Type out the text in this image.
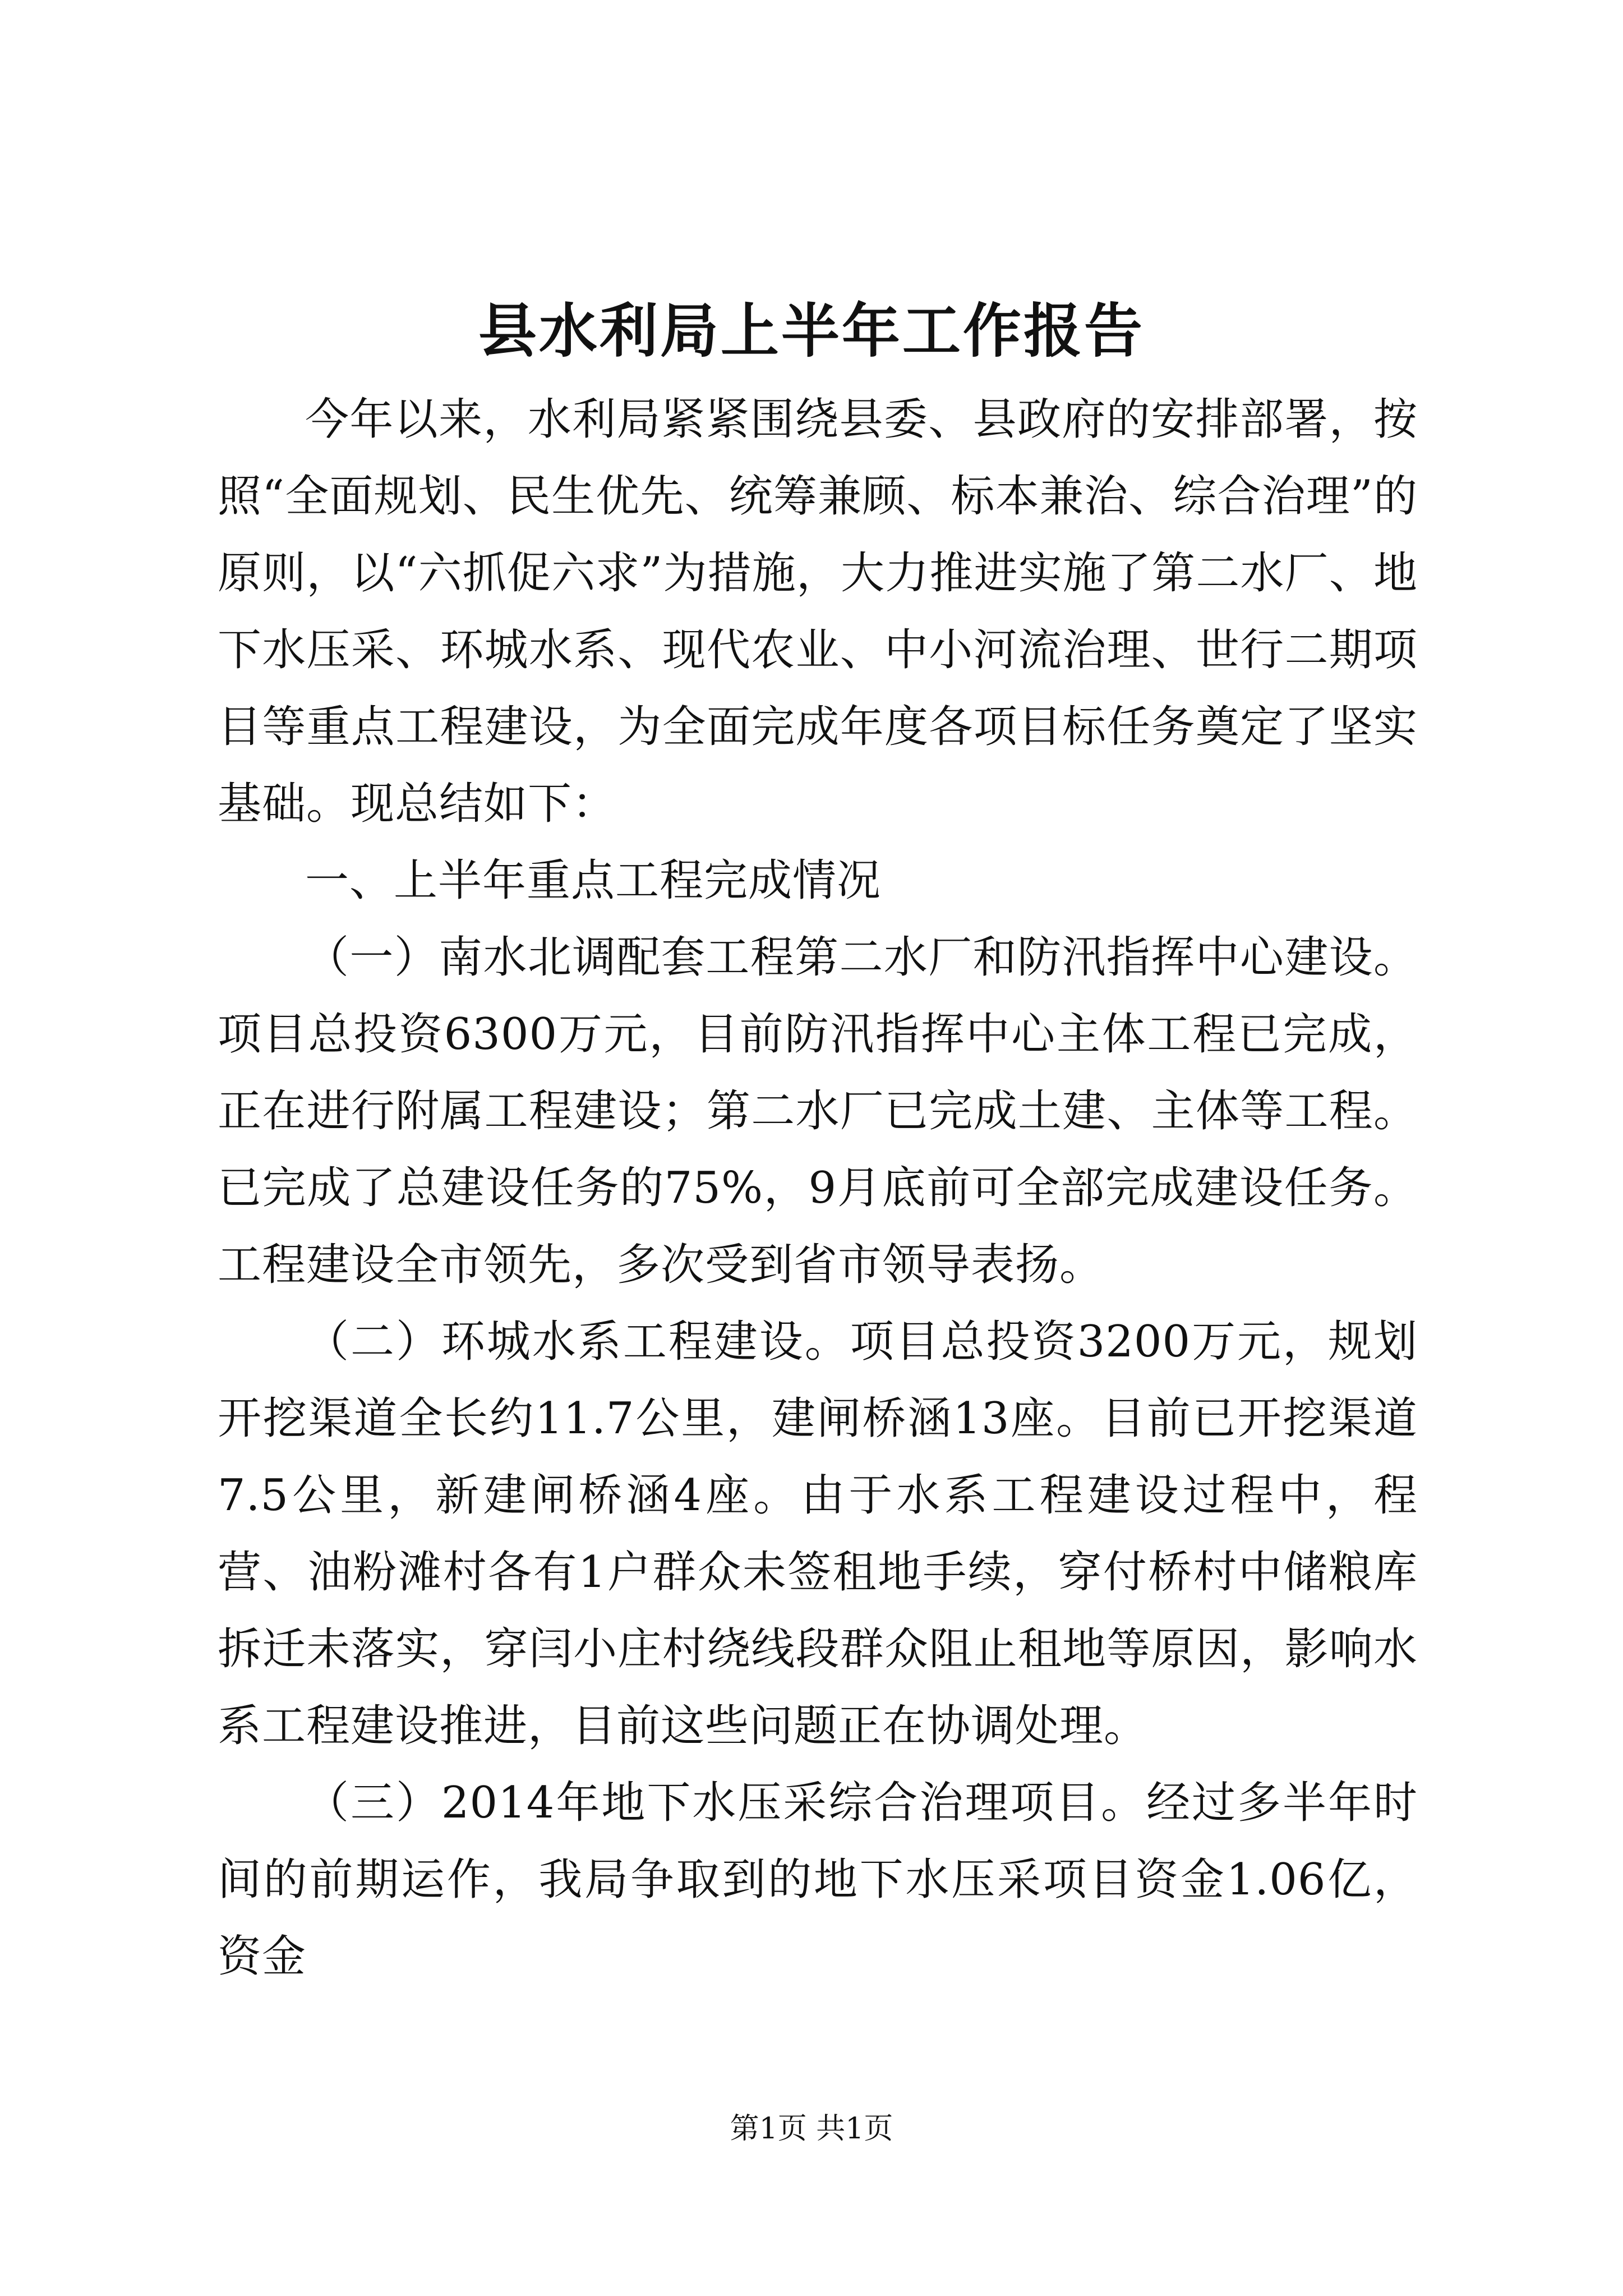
县水利局上半年工作报告

今年以来，水利局紧紧围绕县委、县政府的安排部署，按照“全面规划、民生优先、统筹兼顾、标本兼治、综合治理”的原则，以“六抓促六求”为措施，大力推进实施了第二水厂、地下水压采、环城水系、现代农业、中小河流治理、世行二期项目等重点工程建设，为全面完成年度各项目标任务奠定了坚实基础。现总结如下：

一、上半年重点工程完成情况

（一）南水北调配套工程第二水厂和防汛指挥中心建设。项目总投资6300万元，目前防汛指挥中心主体工程已完成，正在进行附属工程建设；第二水厂已完成土建、主体等工程。已完成了总建设任务的75%，9月底前可全部完成建设任务。工程建设全市领先，多次受到省市领导表扬。

（二）环城水系工程建设。项目总投资3200万元，规划开挖渠道全长约11.7公里，建闸桥涵13座。目前已开挖渠道7.5公里，新建闸桥涵4座。由于水系工程建设过程中，程营、油粉滩村各有1户群众未签租地手续，穿付桥村中储粮库拆迁未落实，穿闫小庄村绕线段群众阻止租地等原因，影响水系工程建设推进，目前这些问题正在协调处理。

（三）2014年地下水压采综合治理项目。经过多半年时间的前期运作，我局争取到的地下水压采项目资金1.06亿，资金

第1页 共1页
